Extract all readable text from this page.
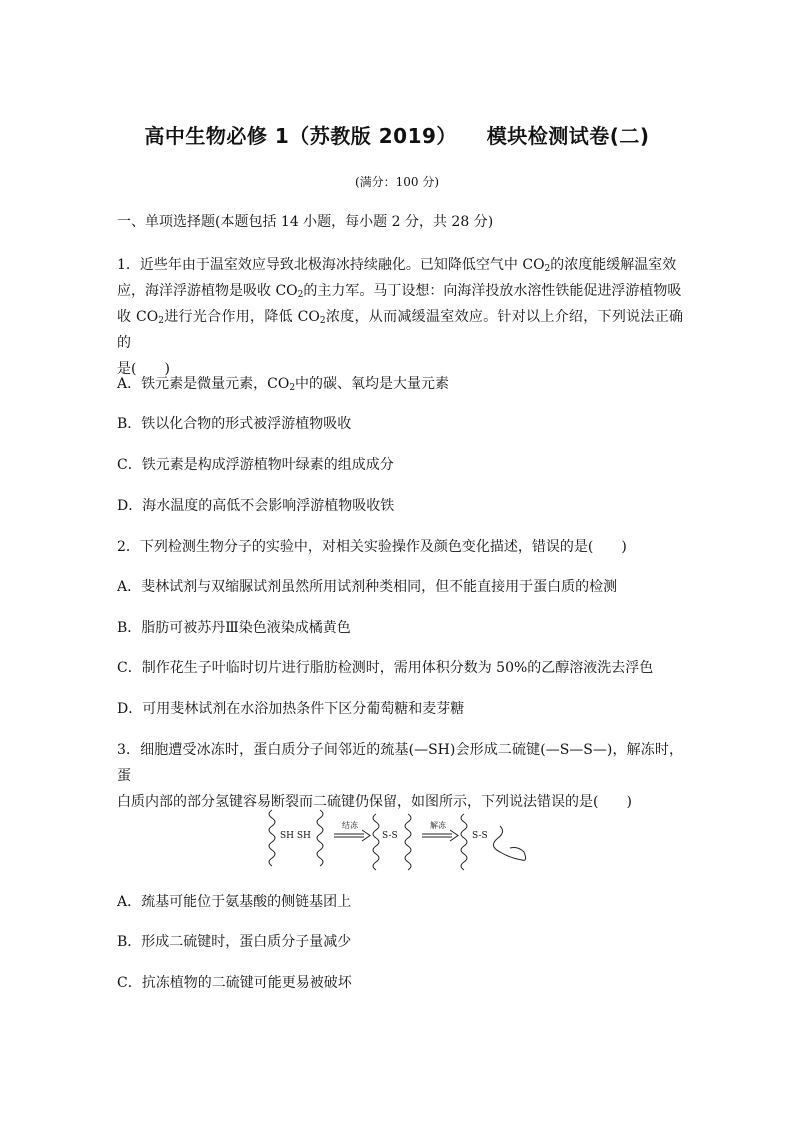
高中生物必修 1（苏教版 2019）    模块检测试卷(二)
(满分：100 分)
一、单项选择题(本题包括 14 小题，每小题 2 分，共 28 分)
1．近些年由于温室效应导致北极海冰持续融化。已知降低空气中 $CO_2$的浓度能缓解温室效
应，海洋浮游植物是吸收 $CO_2$的主力军。马丁设想：向海洋投放水溶性铁能促进浮游植物吸
收 $CO_2$进行光合作用，降低 $CO_2$浓度，从而减缓温室效应。针对以上介绍，下列说法正确的
是(　　)
A．铁元素是微量元素，$CO_2$中的碳、氧均是大量元素
B．铁以化合物的形式被浮游植物吸收
C．铁元素是构成浮游植物叶绿素的组成成分
D．海水温度的高低不会影响浮游植物吸收铁
2．下列检测生物分子的实验中，对相关实验操作及颜色变化描述，错误的是(　　)
A．斐林试剂与双缩脲试剂虽然所用试剂种类相同，但不能直接用于蛋白质的检测
B．脂肪可被苏丹Ⅲ染色液染成橘黄色
C．制作花生子叶临时切片进行脂肪检测时，需用体积分数为 50%的乙醇溶液洗去浮色
D．可用斐林试剂在水浴加热条件下区分葡萄糖和麦芽糖
3．细胞遭受冰冻时，蛋白质分子间邻近的巯基(—SH)会形成二硫键(—S—S—)，解冻时，蛋
白质内部的部分氢键容易断裂而二硫键仍保留，如图所示，下列说法错误的是(　　)
SH SH
结冻
S-S
解冻
S-S
A．巯基可能位于氨基酸的侧链基团上
B．形成二硫键时，蛋白质分子量减少
C．抗冻植物的二硫键可能更易被破坏
